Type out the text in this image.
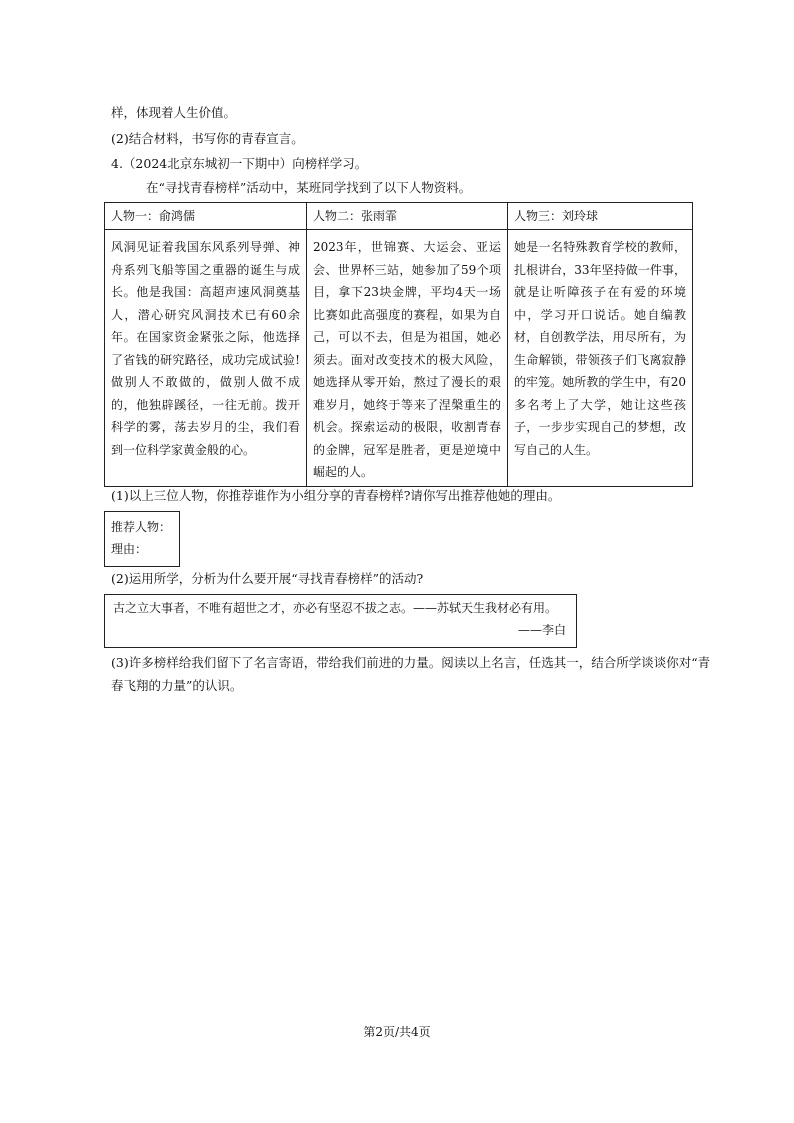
样，体现着人生价值。
(2)结合材料，书写你的青春宣言。
4.（2024北京东城初一下期中）向榜样学习。
在“寻找青春榜样”活动中，某班同学找到了以下人物资料。
人物一：俞鸿儒	人物二：张雨霏	人物三：刘玲球

风洞见证着我国东风系列导弹、神舟系列飞船等国之重器的诞生与成长。他是我国：高超声速风洞奠基人，潜心研究风洞技术已有60余年。在国家资金紧张之际，他选择了省钱的研究路径，成功完成试验!做别人不敢做的，做别人做不成的，他独辟蹊径，一往无前。拨开科学的雾，荡去岁月的尘，我们看到一位科学家黄金般的心。	2023年，世锦赛、大运会、亚运会、世界杯三站，她参加了59个项目，拿下23块金牌，平均4天一场比赛如此高强度的赛程，如果为自己，可以不去，但是为祖国，她必须去。面对改变技术的极大风险，她选择从零开始，熬过了漫长的艰难岁月，她终于等来了涅槃重生的机会。探索运动的极限，收割青春的金牌，冠军是胜者，更是逆境中崛起的人。	她是一名特殊教育学校的教师，扎根讲台，33年坚持做一件事，就是让听障孩子在有爱的环境中，学习开口说话。她自编教材，自创教学法，用尽所有，为生命解锁，带领孩子们飞离寂静的牢笼。她所教的学生中，有20多名考上了大学，她让这些孩子，一步步实现自己的梦想，改写自己的人生。
(1)以上三位人物，你推荐谁作为小组分享的青春榜样?请你写出推荐他她的理由。
推荐人物：
理由：
(2)运用所学，分析为什么要开展“寻找青春榜样”的活动?
古之立大事者，不唯有超世之才，亦必有坚忍不拔之志。——苏轼天生我材必有用。
——李白
(3)许多榜样给我们留下了名言寄语，带给我们前进的力量。阅读以上名言，任选其一，结合所学谈谈你对“青
春飞翔的力量”的认识。
第2页/共4页
